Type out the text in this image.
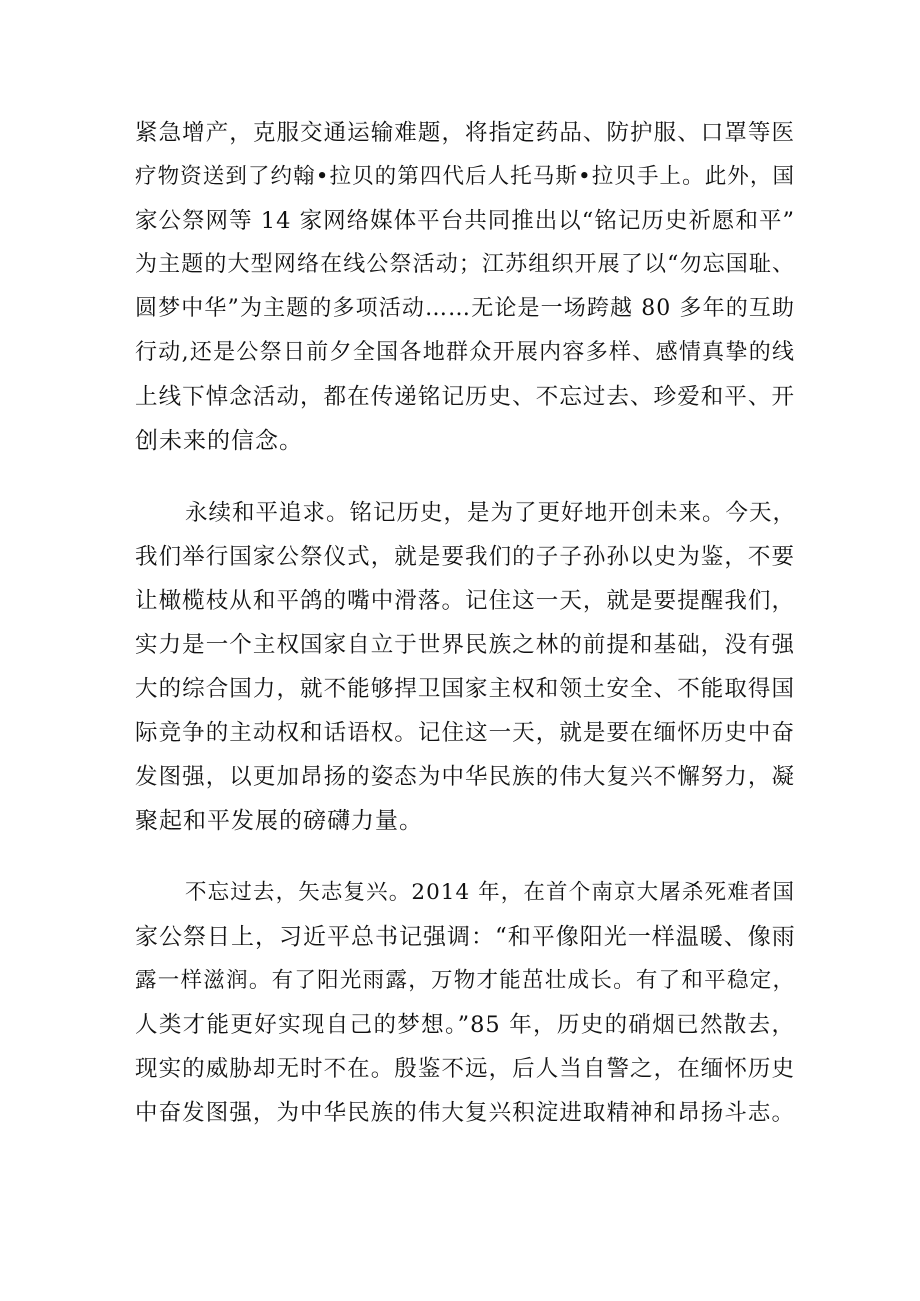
紧急增产，克服交通运输难题，将指定药品、防护服、口罩等医
疗物资送到了约翰•拉贝的第四代后人托马斯•拉贝手上。此外，国
家公祭网等 14 家网络媒体平台共同推出以“铭记历史祈愿和平”
为主题的大型网络在线公祭活动；江苏组织开展了以“勿忘国耻、
圆梦中华”为主题的多项活动……无论是一场跨越 80 多年的互助
行动,还是公祭日前夕全国各地群众开展内容多样、感情真挚的线
上线下悼念活动，都在传递铭记历史、不忘过去、珍爱和平、开
创未来的信念。
永续和平追求。铭记历史，是为了更好地开创未来。今天，
我们举行国家公祭仪式，就是要我们的子子孙孙以史为鉴，不要
让橄榄枝从和平鸽的嘴中滑落。记住这一天，就是要提醒我们，
实力是一个主权国家自立于世界民族之林的前提和基础，没有强
大的综合国力，就不能够捍卫国家主权和领土安全、不能取得国
际竞争的主动权和话语权。记住这一天，就是要在缅怀历史中奋
发图强，以更加昂扬的姿态为中华民族的伟大复兴不懈努力，凝
聚起和平发展的磅礴力量。
不忘过去，矢志复兴。2014 年，在首个南京大屠杀死难者国
家公祭日上，习近平总书记强调：“和平像阳光一样温暖、像雨
露一样滋润。有了阳光雨露，万物才能茁壮成长。有了和平稳定，
人类才能更好实现自己的梦想。”85 年，历史的硝烟已然散去，
现实的威胁却无时不在。殷鉴不远，后人当自警之，在缅怀历史
中奋发图强，为中华民族的伟大复兴积淀进取精神和昂扬斗志。
